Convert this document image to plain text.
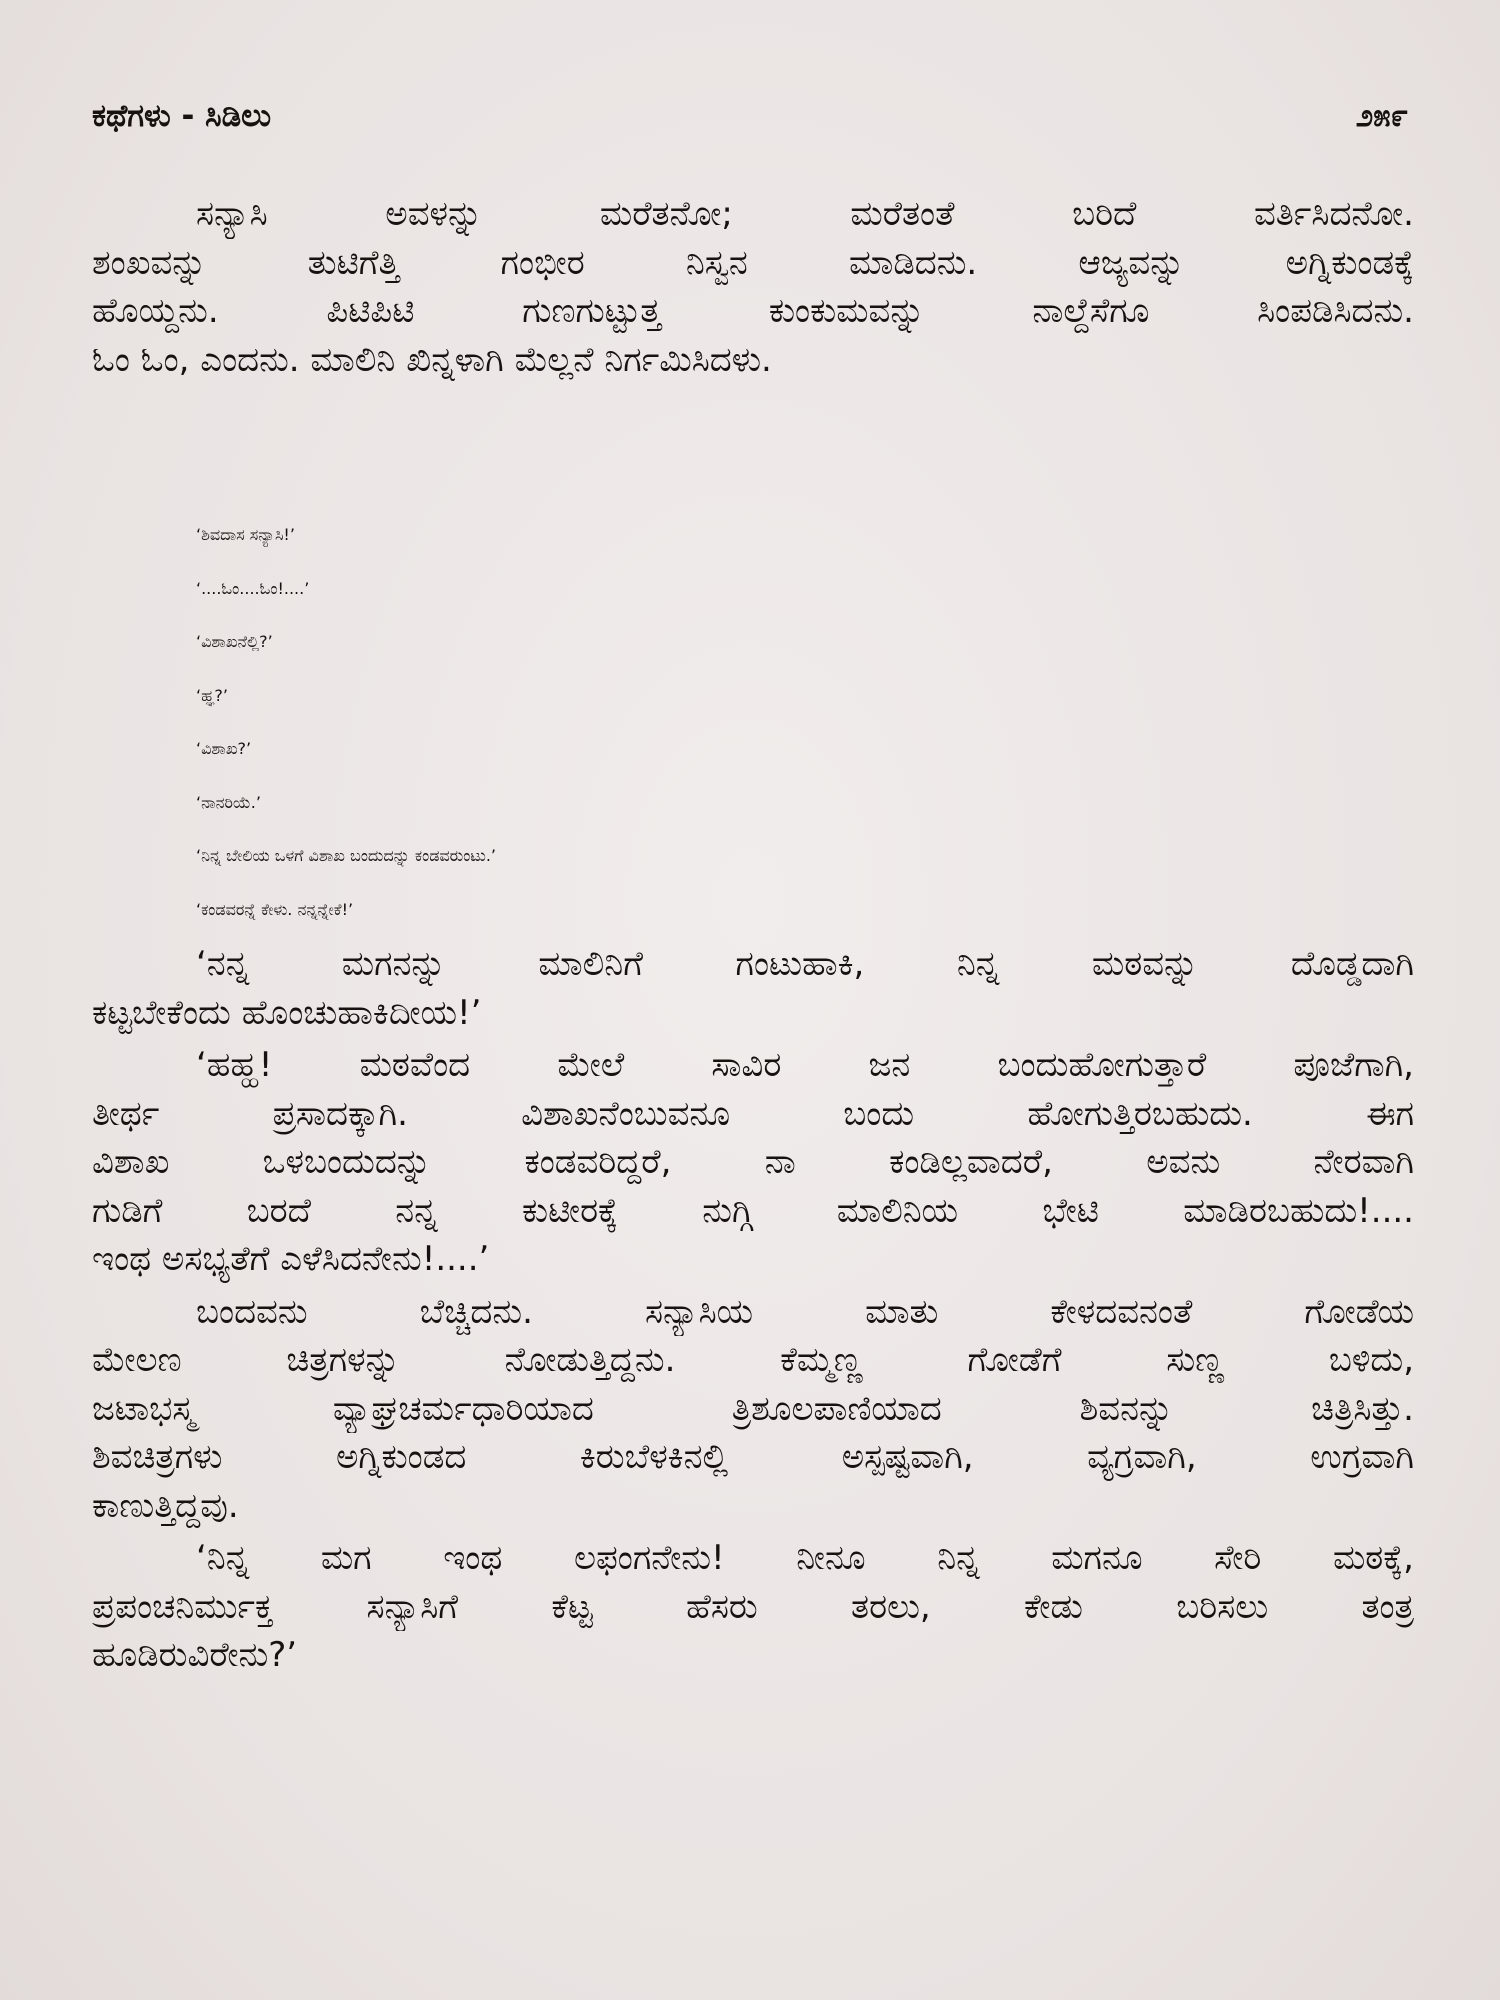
ಕಥೆಗಳು - ಸಿಡಿಲು	೨೫೯

ಸನ್ಯಾಸಿ ಅವಳನ್ನು ಮರೆತನೋ; ಮರೆತಂತೆ ಬರಿದೆ ವರ್ತಿಸಿದನೋ.
ಶಂಖವನ್ನು ತುಟಿಗೆತ್ತಿ ಗಂಭೀರ ನಿಸ್ವನ ಮಾಡಿದನು. ಆಜ್ಯವನ್ನು ಅಗ್ನಿಕುಂಡಕ್ಕೆ
ಹೊಯ್ದನು. ಪಿಟಿಪಿಟಿ ಗುಣಗುಟ್ಟುತ್ತ ಕುಂಕುಮವನ್ನು ನಾಲ್ದೆಸೆಗೂ ಸಿಂಪಡಿಸಿದನು.
ಓಂ ಓಂ, ಎಂದನು. ಮಾಲಿನಿ ಖಿನ್ನಳಾಗಿ ಮೆಲ್ಲನೆ ನಿರ್ಗಮಿಸಿದಳು.

‘ಶಿವದಾಸ ಸನ್ಯಾಸಿ!’
‘....ಓಂ....ಓಂ!....’
‘ವಿಶಾಖನೆಲ್ಲಿ?’
‘ಹ್ಞ?’
‘ವಿಶಾಖ?’
‘ನಾನರಿಯೆ.’
‘ನಿನ್ನ ಬೇಲಿಯ ಒಳಗೆ ವಿಶಾಖ ಬಂದುದನ್ನು ಕಂಡವರುಂಟು.’
‘ಕಂಡವರನ್ನೆ ಕೇಳು. ನನ್ನನ್ನೇಕೆ!’

‘ನನ್ನ ಮಗನನ್ನು ಮಾಲಿನಿಗೆ ಗಂಟುಹಾಕಿ, ನಿನ್ನ ಮಠವನ್ನು ದೊಡ್ಡದಾಗಿ
ಕಟ್ಟಬೇಕೆಂದು ಹೊಂಚುಹಾಕಿದೀಯ!’

‘ಹಹ್ಹ! ಮಠವೆಂದ ಮೇಲೆ ಸಾವಿರ ಜನ ಬಂದುಹೋಗುತ್ತಾರೆ ಪೂಜೆಗಾಗಿ,
ತೀರ್ಥ ಪ್ರಸಾದಕ್ಕಾಗಿ. ವಿಶಾಖನೆಂಬುವನೂ ಬಂದು ಹೋಗುತ್ತಿರಬಹುದು. ಈಗ
ವಿಶಾಖ ಒಳಬಂದುದನ್ನು ಕಂಡವರಿದ್ದರೆ, ನಾ ಕಂಡಿಲ್ಲವಾದರೆ, ಅವನು ನೇರವಾಗಿ
ಗುಡಿಗೆ ಬರದೆ ನನ್ನ ಕುಟೀರಕ್ಕೆ ನುಗ್ಗಿ ಮಾಲಿನಿಯ ಭೇಟಿ ಮಾಡಿರಬಹುದು!....
ಇಂಥ ಅಸಭ್ಯತೆಗೆ ಎಳೆಸಿದನೇನು!....’

ಬಂದವನು ಬೆಚ್ಚಿದನು. ಸನ್ಯಾಸಿಯ ಮಾತು ಕೇಳದವನಂತೆ ಗೋಡೆಯ
ಮೇಲಣ ಚಿತ್ರಗಳನ್ನು ನೋಡುತ್ತಿದ್ದನು. ಕೆಮ್ಮಣ್ಣ ಗೋಡೆಗೆ ಸುಣ್ಣ ಬಳಿದು,
ಜಟಾಭಸ್ಮ ವ್ಯಾಘ್ರಚರ್ಮಧಾರಿಯಾದ ತ್ರಿಶೂಲಪಾಣಿಯಾದ ಶಿವನನ್ನು ಚಿತ್ರಿಸಿತ್ತು.
ಶಿವಚಿತ್ರಗಳು ಅಗ್ನಿಕುಂಡದ ಕಿರುಬೆಳಕಿನಲ್ಲಿ ಅಸ್ಪಷ್ಟವಾಗಿ, ವ್ಯಗ್ರವಾಗಿ, ಉಗ್ರವಾಗಿ
ಕಾಣುತ್ತಿದ್ದವು.

‘ನಿನ್ನ ಮಗ ಇಂಥ ಲಫಂಗನೇನು! ನೀನೂ ನಿನ್ನ ಮಗನೂ ಸೇರಿ ಮಠಕ್ಕೆ,
ಪ್ರಪಂಚನಿರ್ಮುಕ್ತ ಸನ್ಯಾಸಿಗೆ ಕೆಟ್ಟ ಹೆಸರು ತರಲು, ಕೇಡು ಬರಿಸಲು ತಂತ್ರ
ಹೂಡಿರುವಿರೇನು?’
